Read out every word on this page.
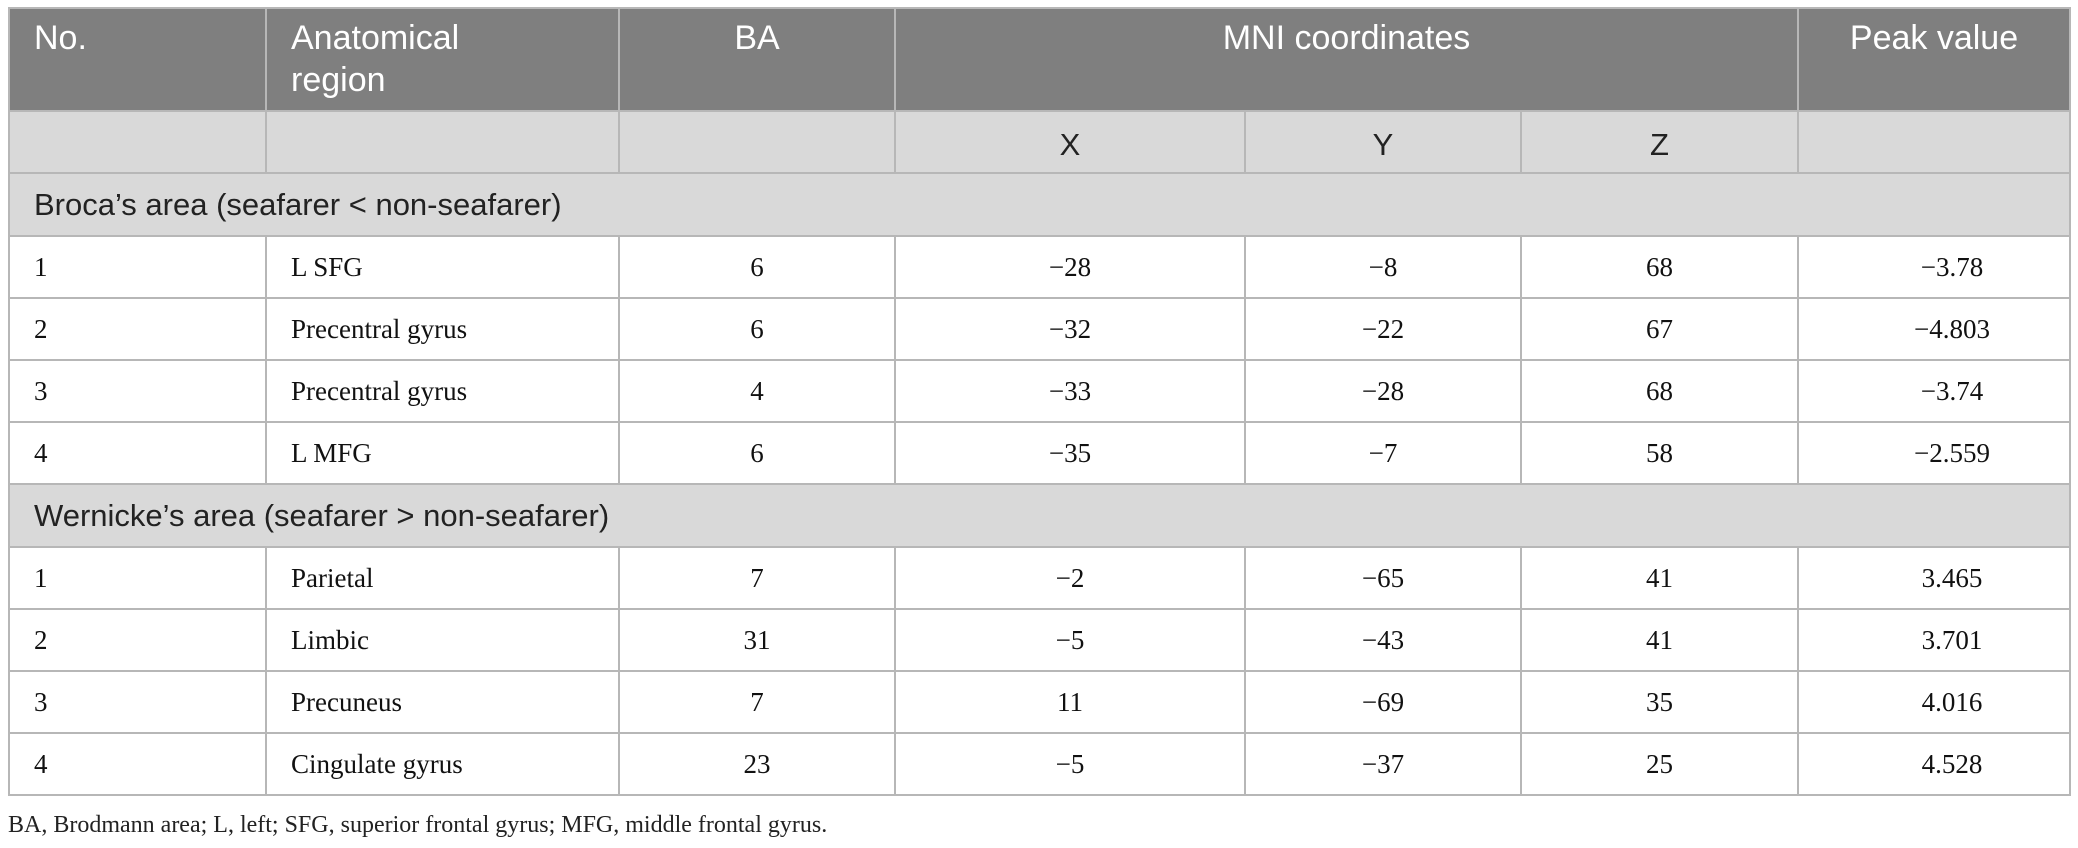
No.	Anatomical region	BA	MNI coordinates			Peak value
			X	Y	Z	
Broca’s area (seafarer < non-seafarer)						
1	L SFG	6	−28	−8	68	−3.78
2	Precentral gyrus	6	−32	−22	67	−4.803
3	Precentral gyrus	4	−33	−28	68	−3.74
4	L MFG	6	−35	−7	58	−2.559
Wernicke’s area (seafarer > non-seafarer)						
1	Parietal	7	−2	−65	41	3.465
2	Limbic	31	−5	−43	41	3.701
3	Precuneus	7	11	−69	35	4.016
4	Cingulate gyrus	23	−5	−37	25	4.528
BA, Brodmann area; L, left; SFG, superior frontal gyrus; MFG, middle frontal gyrus.
